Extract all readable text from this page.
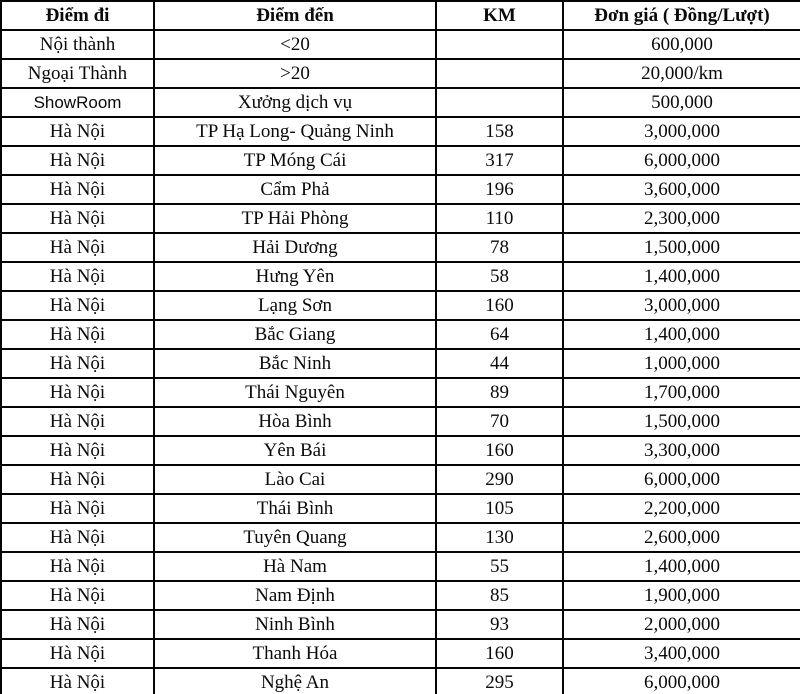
Điểm đi	Điểm đến	KM	Đơn giá ( Đồng/Lượt)
Nội thành	<20		600,000
Ngoại Thành	>20		20,000/km
ShowRoom	Xưởng dịch vụ		500,000
Hà Nội	TP Hạ Long- Quảng Ninh	158	3,000,000
Hà Nội	TP Móng Cái	317	6,000,000
Hà Nội	Cẩm Phả	196	3,600,000
Hà Nội	TP Hải Phòng	110	2,300,000
Hà Nội	Hải Dương	78	1,500,000
Hà Nội	Hưng Yên	58	1,400,000
Hà Nội	Lạng Sơn	160	3,000,000
Hà Nội	Bắc Giang	64	1,400,000
Hà Nội	Bắc Ninh	44	1,000,000
Hà Nội	Thái Nguyên	89	1,700,000
Hà Nội	Hòa Bình	70	1,500,000
Hà Nội	Yên Bái	160	3,300,000
Hà Nội	Lào Cai	290	6,000,000
Hà Nội	Thái Bình	105	2,200,000
Hà Nội	Tuyên Quang	130	2,600,000
Hà Nội	Hà Nam	55	1,400,000
Hà Nội	Nam Định	85	1,900,000
Hà Nội	Ninh Bình	93	2,000,000
Hà Nội	Thanh Hóa	160	3,400,000
Hà Nội	Nghệ An	295	6,000,000
